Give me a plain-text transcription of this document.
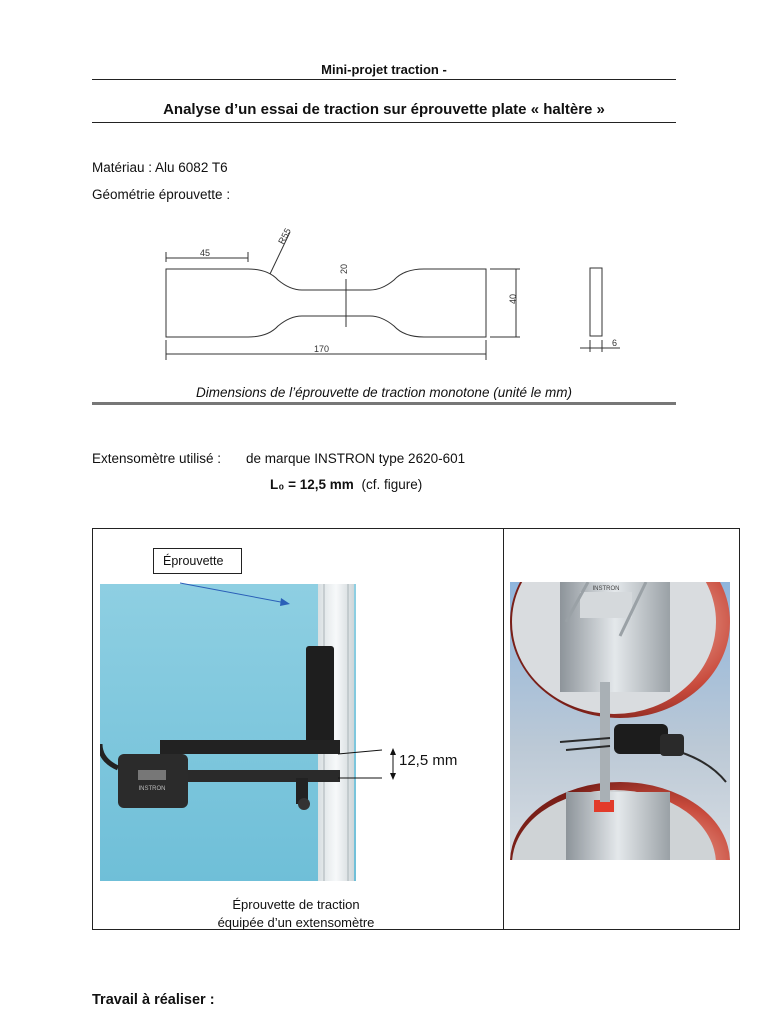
Mini-projet traction -
Analyse d’un essai de traction sur éprouvette plate « haltère »
Matériau : Alu 6082 T6
Géométrie éprouvette :
45
R55
20
40
170
6
Dimensions de l’éprouvette de traction monotone (unité le mm)
Extensomètre utilisé : de marque INSTRON type 2620-601
L₀ = 12,5 mm (cf. figure)
INSTRON
Éprouvette
12,5 mm
Éprouvette de traction
équipée d’un extensomètre
INSTRON
Travail à réaliser :
